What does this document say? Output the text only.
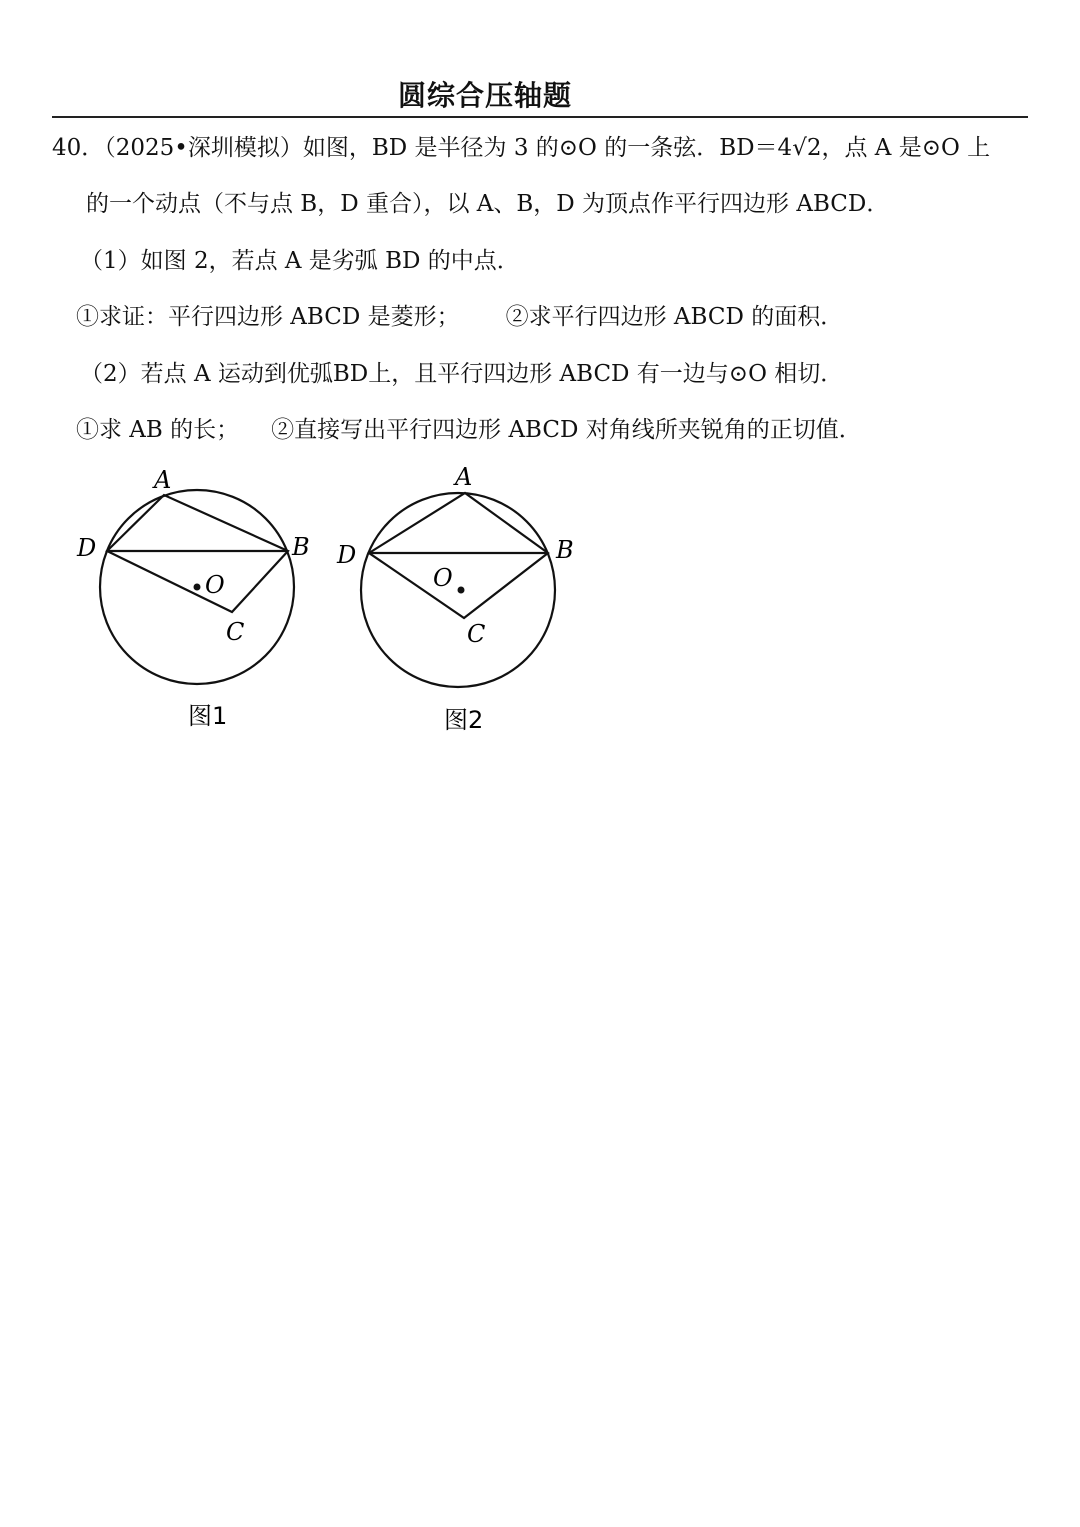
圆综合压轴题
40．（2025•深圳模拟）如图，BD 是半径为 3 的⊙O 的一条弦．BD＝4√2，点 A 是⊙O 上
的一个动点（不与点 B，D 重合），以 A、B，D 为顶点作平行四边形 ABCD．
（1）如图 2，若点 A 是劣弧 BD 的中点．
①求证：平行四边形 ABCD 是菱形； ②求平行四边形 ABCD 的面积．
（2）若点 A 运动到优弧BD上，且平行四边形 ABCD 有一边与⊙O 相切．
①求 AB 的长； ②直接写出平行四边形 ABCD 对角线所夹锐角的正切值．
A
B
C
D
O
图1
A
B
C
D
O
图2
